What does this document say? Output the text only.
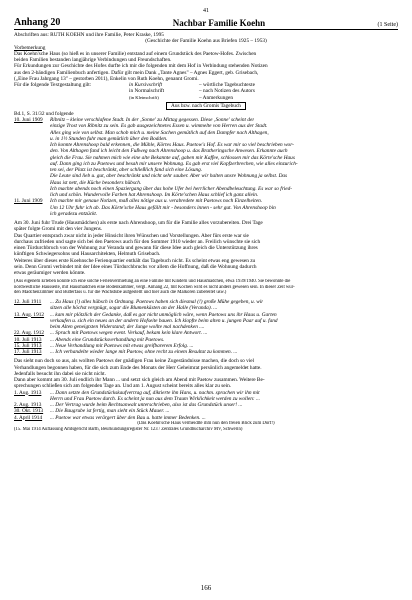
41
Anhang 20	Nachbar Familie Koehn	(1 Seite)
Abschriften aus: RUTH KOEHN und ihre Familie, Peter Kraske, 1995
(Geschichte der Familie Koehn aus Briefen 1925 – 1953)
Vorbemerkung
Das Koehn'sche Haus (so hieß es in unserer Familie) entstand auf einem Grundstück des Paetow-Hofes. Zwischen
beiden Familien bestanden langjährige Verbindungen und Freundschaften.
Für Erkundungen zur Geschichte des Hofes durfte ich mir die folgenden mit dem Hof in Verbindung stehenden Notizen
aus den 2-bändigen Familienbuch anfertigen. Dafür gilt mein Dank „Tante Agnes" – Agnes Eggert, geb. Grisebach,
(„Eine Frau Jahrgang 13" – gestorben 2011), Enkelin von Ruth Koehn, genannt Gromi.
Für die folgende Textgestaltung gilt:	in Kursivschrift	– wörtliche Tagebuchtexte
in Normalschrift	– nach Notizen des Autors
(in Kleinschrift)	– Anmerkungen
Aus bzw. nach Gromis Tagebuch
Bd.1, S. 31/32 und folgende
10. Juni 1909	Ribnitz – kleine verschlafene Stadt. In der ‚Sonne' zu Mittag gegessen. Diese ‚Sonne' scheint der
einzige Trost von Ribnitz zu sein. Es gab ausgezeichnetes Essen u. wimmelte von Herren aus der Stadt.
Alles ging wie von selbst. Man schob mich u. meine Sachen gemütlich auf den Dampfer nach Althagen,
u. in 1½ Stunden fuhr man gemütlich über den Bodden.
Ich konnte Ahrenshoop bald erkennen, die Mühle, Körtes Haus. Paetow's Hof. Es war mir so viel beschrieben wor-
den. Von Althagen fand ich leicht den Fußweg nach Ahrenshoop u. das Bratheringsche Anwesen. Erkannte auch
gleich die Frau. Sie nahmen mich wie eine alte Bekannte auf, gaben mir Kaffee, schlossen mir das Körte'sche Haus
auf. Dann ging ich zu Paetows und besah mir unsere Wohnung. Es gab erst viel Kopfzerbrechen, wie alles einzurich-
ten sei, der Platz ist beschränkt, aber schließlich fand sich eine Lösung.
Die Leute sind lieb u. gut, aber beschränkt und nicht sehr sauber. Aber wir halten unsre Wohnung ja selbst. Das
Haus ist nett, die Küche besonders hübsch.
Ich machte abends noch einen Spaziergang über das hohe Ufer bei herrlicher Abendbeleuchtung. Es war so fried-
lich und schön. Wundervolle Farben hat Ahrenshoop. Im Körte'schen Haus schlief ich ganz allein.
11. Juni 1909	Ich machte mir genaue Notizen, maß alles nötige aus u. verabredete mit Paetows noch Einzelheiten.
Um 12 Uhr fuhr ich ab. Das Körte'sche Haus gefällt mir - besonders innen - sehr gut. Von Ahrenshoop bin
ich geradezu entzückt.
Am 30. Juni fuhr Trude (Hausmädchen) als erste nach Ahrenshoop, um für die Familie alles vorzubereiten. Drei Tage
später folgte Gromi mit den vier Jungens.
Das Quartier entsprach zwar nicht in jeder Hinsicht ihren Wünschen und Vorstellungen. Aber fürs erste war sie
durchaus zufrieden und sagte sich bei den Paetows auch für den Sommer 1910 wieder an. Freilich wünschte sie sich
einen Türdurchbruch von der Wohnung zur Veranda und gewann für diese Idee auch gleich die Unterstützung ihres
künftigen Schwiegersohns und Hausarchitekten, Helmuth Grisebach.
Weiteres über dieses erste Koehnsche Ferienquartier enthält das Tagebuch nicht. Es scheint etwas eng gewesen zu
sein. Denn Gromi verbindet mit der Idee eines Türdurchbruchs vor allem die Hoffnung, daß die Wohnung dadurch
etwas geräumiger werden könnte.
(Aus eigenem Erleben konnte ich eine solche Ferienvermietung an eine Familie mit Kindern und Hausmädchen, etwa 1939/1940. Sie bewohnte die
nordwestliche Hausseite, mit Hausmädchen eine Bodenkammer, vergl. Anhang 22, mit Kochen wird es nicht anders gewesen sein. In dieser Zeit wur-
den Mädchenzimmer und Butterfass u. für die Wachstube aufgestellt und hier auch die Malkoren zubereitet usw.)
12. Juli 1911	... Zu Haus (!) alles hübsch in Ordnung. Paetows haben sich diesmal (!) große Mühe gegeben, u. wir
sitzen alle höchst vergnügt, sogar die Blumenkästen an der Halle (Veranda). ...
13. Aug. 1912	... kam mir plötzlich der Gedanke, daß es gar nicht unmöglich wäre, wenn Paetows uns ihr Haus u. Garten
verkaufen u. sich ein neues an der andern Hofseite bauen. Ich klopfte beim alten u. jungen Paar auf u. fand
beim Alten geneigtsten Widerstand; der Junge wollte mal nachdenken ....
22. Aug. 1912	... Sprach mit Paetows wegen event. Verkauf, bekam kein klare Antwort. ...
10. Juli 1913	... Abends eine Grundstücksverhandlung mit Paetows.
15. Juli 1913	... Neue Verhandlung mit Paetows mit etwas greifbarerem Erfolg. ...
17. Juli 1913	... Ich verhandelte wieder lange mit Paetow, ohne recht zu einem Resultat zu kommen. ...
Das sieht nun doch so aus, als wollten Paetows der gnädigen Frau keine Zugeständnisse machen, die doch so viel
Verhandlungen begonnen haben, für die sich zum Ende des Monats der Herr Geheimrat persönlich angemeldet hatte.
Jedenfalls besucht ihn dabei sie nicht nicht.
Dann aber kommt am 30. Juli endlich ihr Mann ... und setzt sich gleich am Abend mit Paetow zusammen. Weitere Be-
sprechungen schließen sich am folgenden Tage an. Und am 1. August scheint bereits alles klar zu sein.
1. Aug. 1913	... Dann setzte den Grundstückskaufvertrag auf, diktierte ihn Hans, u. nachm. sprachen wir ihn mit
Herrn und Frau Paetow durch. Es scheint ja nun aus dem Traum Wirklichkeit werden zu wollen: ...
2. Aug. 1913	... Der Vertrag wurde beim Rechtsanwalt unterschrieben, also ist das Grundstück unser! ...
30. Okt. 1913	... Die Baugrube ist fertig, man sieht ein Stück Mauer. ...
4. April 1914	... Paetow war etwas verärgert über den Bau u. hatte immer Bedenken. ...
(Das Koehn'sche Haus vermeidlte ihm nun den freien Blick zum Dorf!)
(15. Mai 1914 Auflassung Amtsgericht Barth, Beurkundungsregister Nr. 123 / Zentrales Grundbucharchiv MV, Schwerin)
166
